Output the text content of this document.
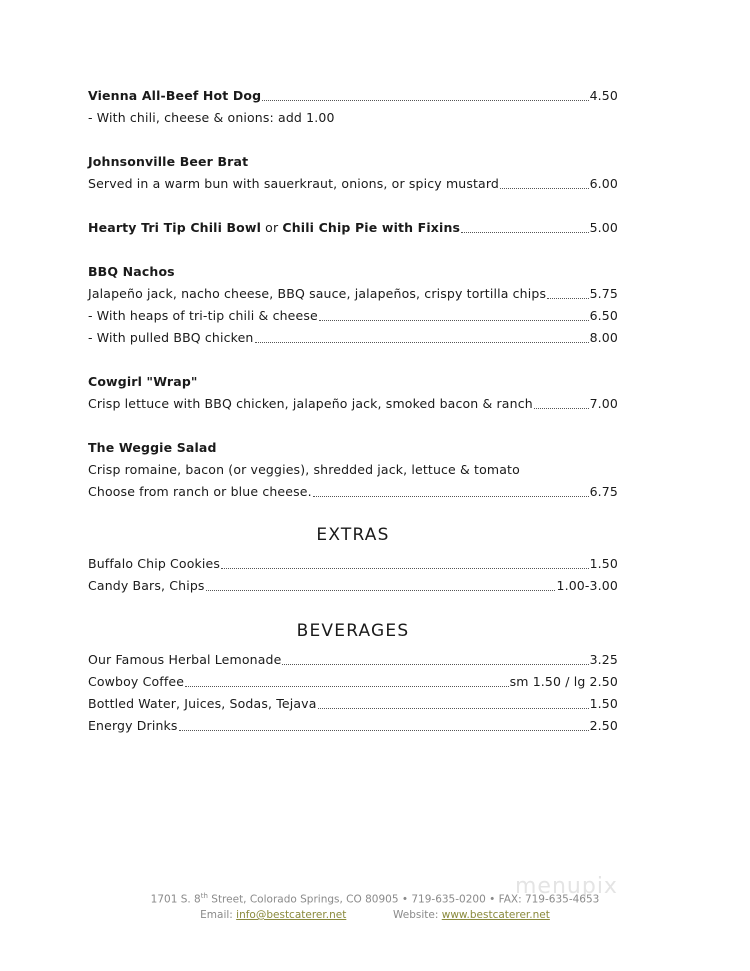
Vienna All-Beef Hot Dog	4.50
- With chili, cheese & onions: add 1.00
Johnsonville Beer Brat
Served in a warm bun with sauerkraut, onions, or spicy mustard	6.00
Hearty Tri Tip Chili Bowl or Chili Chip Pie with Fixins	5.00
BBQ Nachos
Jalapeño jack, nacho cheese, BBQ sauce, jalapeños, crispy tortilla chips	5.75
- With heaps of tri-tip chili & cheese	6.50
- With pulled BBQ chicken	8.00
Cowgirl "Wrap"
Crisp lettuce with BBQ chicken, jalapeño jack, smoked bacon & ranch	7.00
The Weggie Salad
Crisp romaine, bacon (or veggies), shredded jack, lettuce & tomato
Choose from ranch or blue cheese.	6.75
EXTRAS
Buffalo Chip Cookies	1.50
Candy Bars, Chips	1.00-3.00
BEVERAGES
Our Famous Herbal Lemonade	3.25
Cowboy Coffee	sm 1.50 / lg 2.50
Bottled Water, Juices, Sodas, Tejava	1.50
Energy Drinks	2.50
menupix
1701 S. 8th Street, Colorado Springs, CO 80905 • 719-635-0200 • FAX: 719-635-4653
Email: info@bestcaterer.net	Website: www.bestcaterer.net
